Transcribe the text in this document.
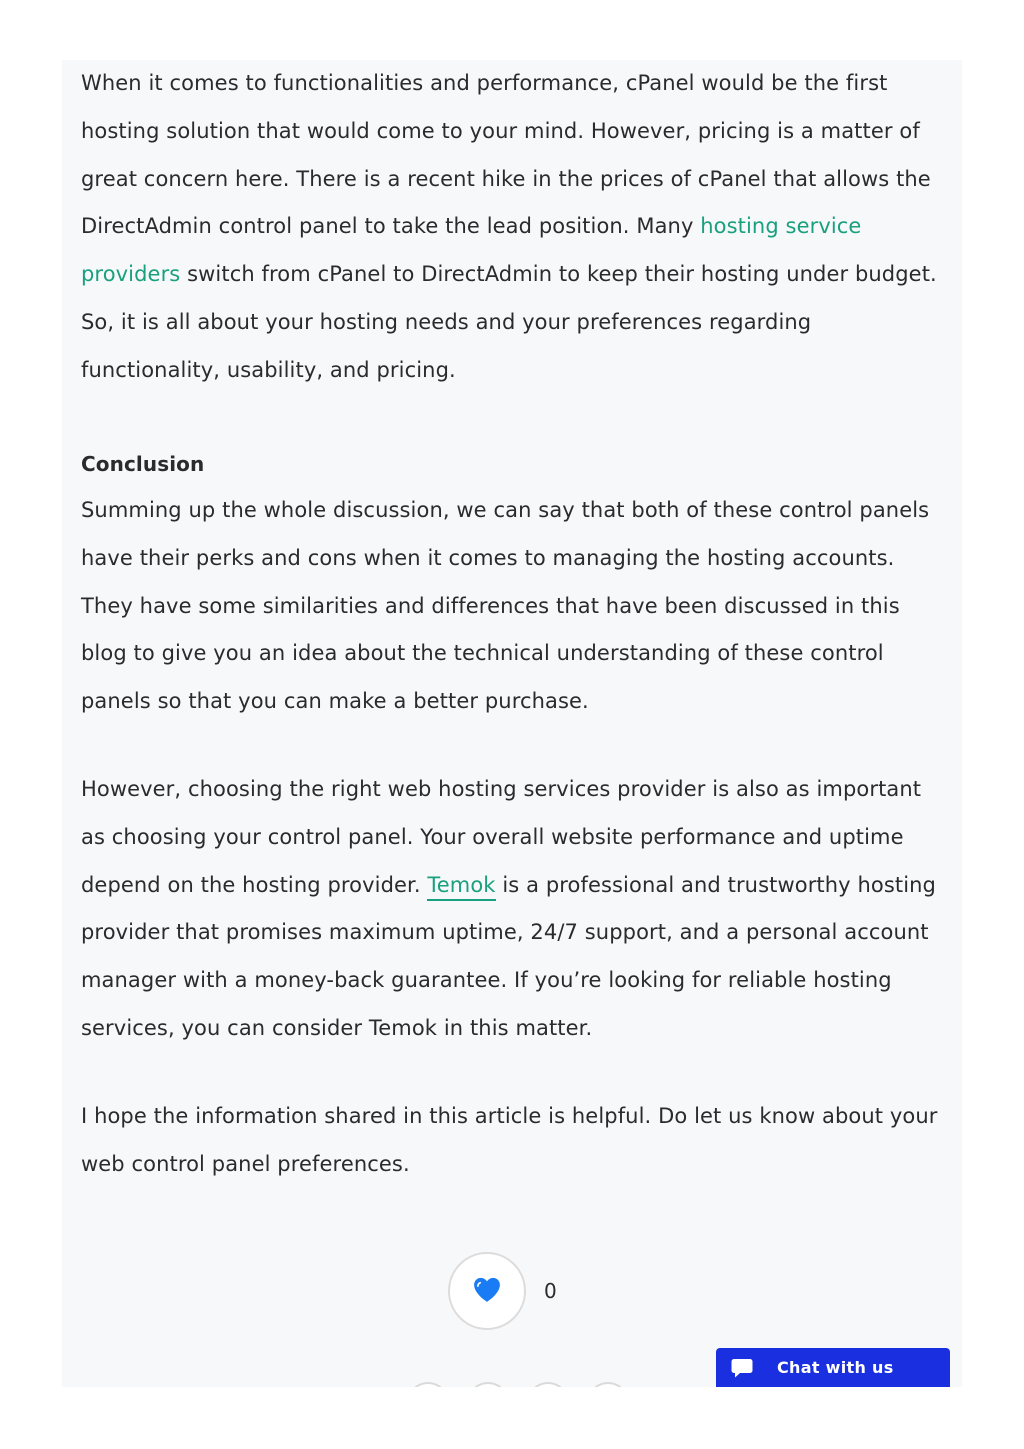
When it comes to functionalities and performance, cPanel would be the first hosting solution that would come to your mind. However, pricing is a matter of great concern here. There is a recent hike in the prices of cPanel that allows the DirectAdmin control panel to take the lead position. Many hosting service providers switch from cPanel to DirectAdmin to keep their hosting under budget. So, it is all about your hosting needs and your preferences regarding functionality, usability, and pricing.

Conclusion

Summing up the whole discussion, we can say that both of these control panels have their perks and cons when it comes to managing the hosting accounts. They have some similarities and differences that have been discussed in this blog to give you an idea about the technical understanding of these control panels so that you can make a better purchase.

However, choosing the right web hosting services provider is also as important as choosing your control panel. Your overall website performance and uptime depend on the hosting provider. Temok is a professional and trustworthy hosting provider that promises maximum uptime, 24/7 support, and a personal account manager with a money-back guarantee. If you’re looking for reliable hosting services, you can consider Temok in this matter.

I hope the information shared in this article is helpful. Do let us know about your web control panel preferences.

0
Chat with us
